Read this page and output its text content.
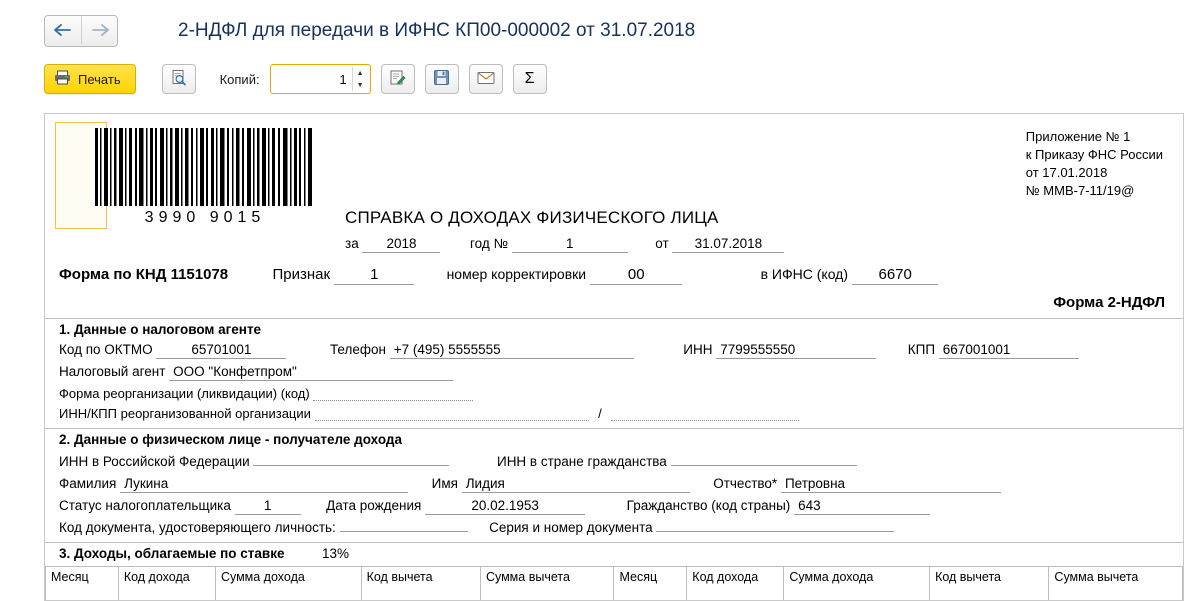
2-НДФЛ для передачи в ИФНС КП00-000002 от 31.07.2018
Печать	Копий:
1	▲
▼	Σ
3990 9015
Приложение № 1
к Приказу ФНС России
от 17.01.2018
№ ММВ-7-11/19@
СПРАВКА О ДОХОДАХ ФИЗИЧЕСКОГО ЛИЦА
за 2018	год №	1	от 31.07.2018
Форма по КНД 1151078	Признак	1	номер корректировки	00	в ИФНС (код) 6670
Форма 2-НДФЛ
1. Данные о налоговом агенте
Код по ОКТМО	65701001	Телефон +7 (495) 5555555	ИНН 7799555550	КПП 667001001
Налоговый агент ООО "Конфетпром"
Форма реорганизации (ликвидации) (код)
ИНН/КПП реорганизованной организации	/
2. Данные о физическом лице - получателе дохода
ИНН в Российской Федерации	ИНН в стране гражданства
Фамилия Лукина	Имя Лидия	Отчество* Петровна
Статус налогоплательщика 1	Дата рождения	20.02.1953	Гражданство (код страны) 643
Код документа, удостоверяющего личность:	Серия и номер документа
3. Доходы, облагаемые по ставке	13%
Месяц	Код дохода	Сумма дохода	Код вычета	Сумма вычета	Месяц	Код дохода	Сумма дохода	Код вычета	Сумма вычета
